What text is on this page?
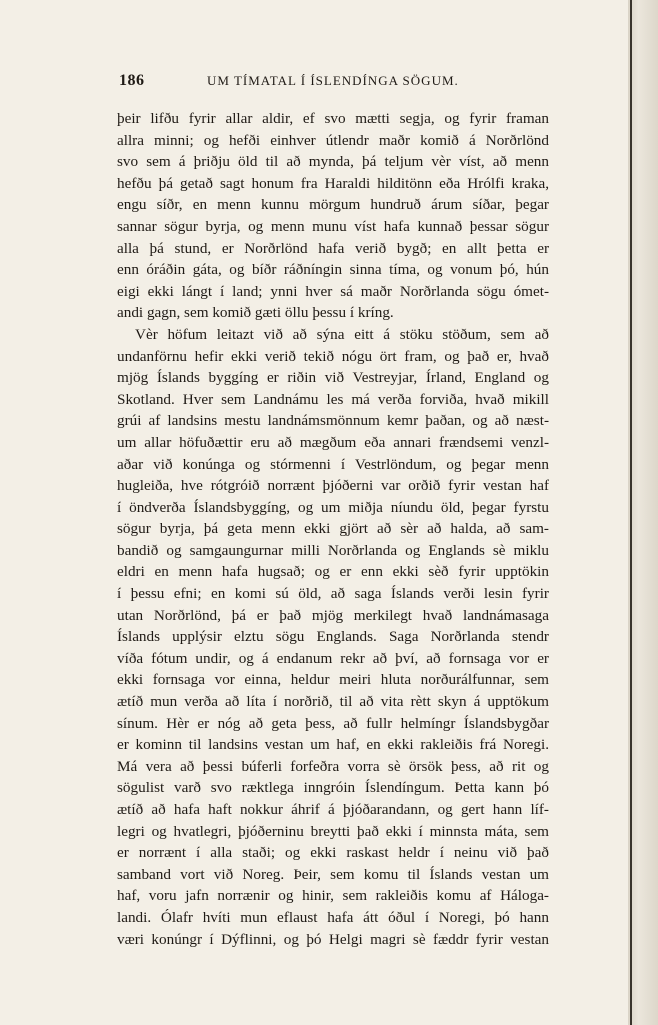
186	UM TÍMATAL Í ÍSLENDÍNGA SÖGUM.
þeir lifðu fyrir allar aldir, ef svo mætti segja, og fyrir framan
allra minni; og hefði einhver útlendr maðr komið á Norðrlönd
svo sem á þriðju öld til að mynda, þá teljum vèr víst, að menn
hefðu þá getað sagt honum fra Haraldi hilditönn eða Hrólfi kraka,
engu síðr, en menn kunnu mörgum hundruð árum síðar, þegar
sannar sögur byrja, og menn munu víst hafa kunnað þessar sögur
alla þá stund, er Norðrlönd hafa verið bygð; en allt þetta er
enn óráðin gáta, og bíðr ráðníngin sinna tíma, og vonum þó, hún
eigi ekki lángt í land; ynni hver sá maðr Norðrlanda sögu ómet-
andi gagn, sem komið gæti öllu þessu í kríng.
Vèr höfum leitazt við að sýna eitt á stöku stöðum, sem að
undanförnu hefir ekki verið tekið nógu ört fram, og það er, hvað
mjög Íslands byggíng er riðin við Vestreyjar, Írland, England og
Skotland. Hver sem Landnámu les má verða forviða, hvað mikill
grúi af landsins mestu landnámsmönnum kemr þaðan, og að næst-
um allar höfuðættir eru að mægðum eða annari frændsemi venzl-
aðar við konúnga og stórmenni í Vestrlöndum, og þegar menn
hugleiða, hve rótgróið norrænt þjóðerni var orðið fyrir vestan haf
í öndverða Íslandsbyggíng, og um miðja níundu öld, þegar fyrstu
sögur byrja, þá geta menn ekki gjört að sèr að halda, að sam-
bandið og samgaungurnar milli Norðrlanda og Englands sè miklu
eldri en menn hafa hugsað; og er enn ekki sèð fyrir upptökin
í þessu efni; en komi sú öld, að saga Íslands verði lesin fyrir
utan Norðrlönd, þá er það mjög merkilegt hvað landnámasaga
Íslands upplýsir elztu sögu Englands. Saga Norðrlanda stendr
víða fótum undir, og á endanum rekr að því, að fornsaga vor er
ekki fornsaga vor einna, heldur meiri hluta norðurálfunnar, sem
ætíð mun verða að líta í norðrið, til að vita rètt skyn á upptökum
sínum. Hèr er nóg að geta þess, að fullr helmíngr Íslandsbygðar
er kominn til landsins vestan um haf, en ekki rakleiðis frá Noregi.
Má vera að þessi búferli forfeðra vorra sè örsök þess, að rit og
sögulist varð svo ræktlega inngróin Íslendíngum. Þetta kann þó
ætíð að hafa haft nokkur áhrif á þjóðarandann, og gert hann líf-
legri og hvatlegri, þjóðerninu breytti það ekki í minnsta máta, sem
er norrænt í alla staði; og ekki raskast heldr í neinu við það
samband vort við Noreg. Þeir, sem komu til Íslands vestan um
haf, voru jafn norrænir og hinir, sem rakleiðis komu af Háloga-
landi. Ólafr hvíti mun eflaust hafa átt óðul í Noregi, þó hann
væri konúngr í Dýflinni, og þó Helgi magri sè fæddr fyrir vestan
